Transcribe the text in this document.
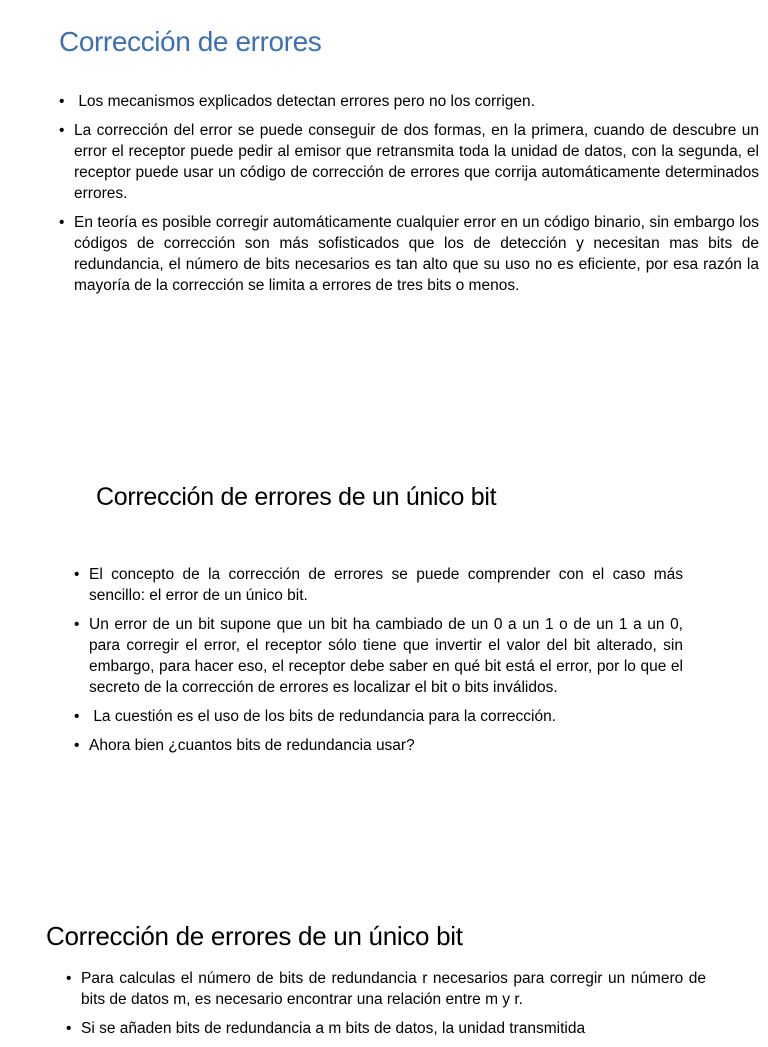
Corrección de errores
• Los mecanismos explicados detectan errores pero no los corrigen.
• La corrección del error se puede conseguir de dos formas, en la primera, cuando de descubre un error el receptor puede pedir al emisor que retransmita toda la unidad de datos, con la segunda, el receptor puede usar un código de corrección de errores que corrija automáticamente determinados errores.
• En teoría es posible corregir automáticamente cualquier error en un código binario, sin embargo los códigos de corrección son más sofisticados que los de detección y necesitan mas bits de redundancia, el número de bits necesarios es tan alto que su uso no es eficiente, por esa razón la mayoría de la corrección se limita a errores de tres bits o menos.
Corrección de errores de un único bit
• El concepto de la corrección de errores se puede comprender con el caso más sencillo: el error de un único bit.
• Un error de un bit supone que un bit ha cambiado de un 0 a un 1 o de un 1 a un 0, para corregir el error, el receptor sólo tiene que invertir el valor del bit alterado, sin embargo, para hacer eso, el receptor debe saber en qué bit está el error, por lo que el secreto de la corrección de errores es localizar el bit o bits inválidos.
• La cuestión es el uso de los bits de redundancia para la corrección.
• Ahora bien ¿cuantos bits de redundancia usar?
Corrección de errores de un único bit
• Para calculas el número de bits de redundancia r necesarios para corregir un número de bits de datos m, es necesario encontrar una relación entre m y r.
• Si se añaden bits de redundancia a m bits de datos, la unidad transmitida
